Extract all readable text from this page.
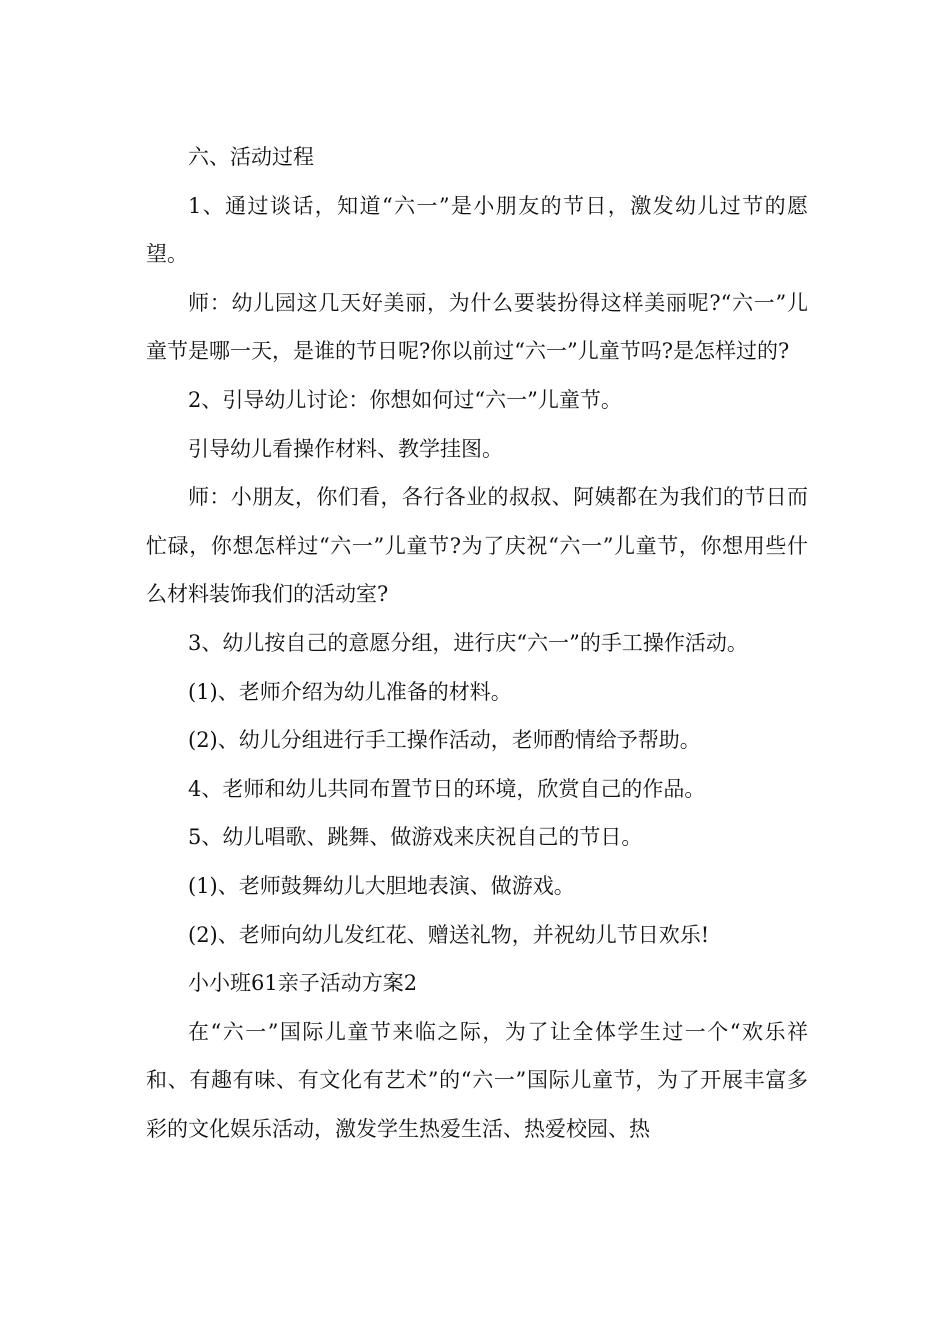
六、活动过程

1、通过谈话，知道“六一”是小朋友的节日，激发幼儿过节的愿望。

师：幼儿园这几天好美丽，为什么要装扮得这样美丽呢?“六一”儿童节是哪一天，是谁的节日呢?你以前过“六一”儿童节吗?是怎样过的?

2、引导幼儿讨论：你想如何过“六一”儿童节。

引导幼儿看操作材料、教学挂图。

师：小朋友，你们看，各行各业的叔叔、阿姨都在为我们的节日而忙碌，你想怎样过“六一”儿童节?为了庆祝“六一”儿童节，你想用些什么材料装饰我们的活动室?

3、幼儿按自己的意愿分组，进行庆“六一”的手工操作活动。

(1)、老师介绍为幼儿准备的材料。

(2)、幼儿分组进行手工操作活动，老师酌情给予帮助。

4、老师和幼儿共同布置节日的环境，欣赏自己的作品。

5、幼儿唱歌、跳舞、做游戏来庆祝自己的节日。

(1)、老师鼓舞幼儿大胆地表演、做游戏。

(2)、老师向幼儿发红花、赠送礼物，并祝幼儿节日欢乐!

小小班61亲子活动方案2

在“六一”国际儿童节来临之际，为了让全体学生过一个“欢乐祥和、有趣有味、有文化有艺术”的“六一”国际儿童节，为了开展丰富多彩的文化娱乐活动，激发学生热爱生活、热爱校园、热
